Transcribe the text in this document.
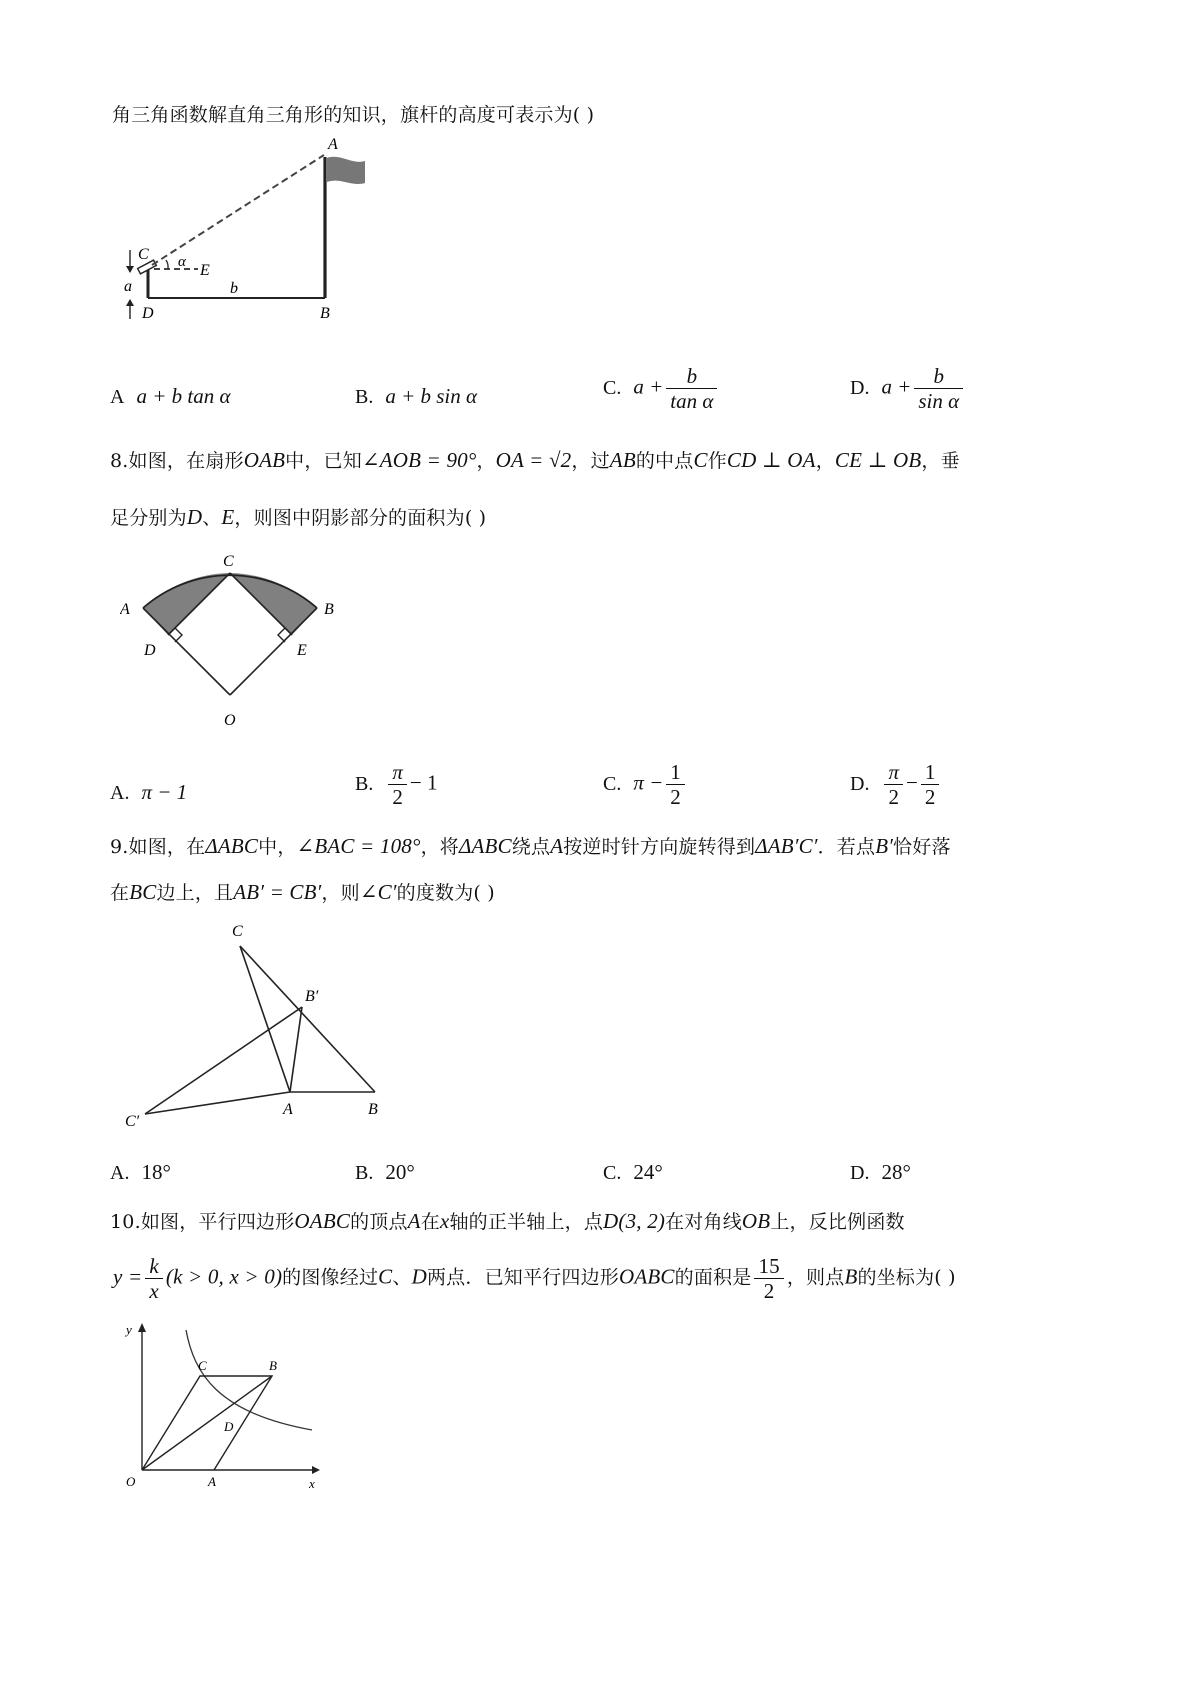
角三角函数解直角三角形的知识，旗杆的高度可表示为( )
A
C
E
α
a
D
b
B
A a + b tan α	B. a + b sin α	C. $a + \frac{b}{\text{tan α}}$	D. $a + \frac{b}{\text{sin α}}$
8.如图，在扇形OAB中，已知∠AOB = 90°，OA = √2，过AB的中点C作CD ⊥ OA，CE ⊥ OB，垂
足分别为D、E，则图中阴影部分的面积为( )
A	B
C
D	E
O
A. π − 1	B. $\frac{\pi}{2} - 1$	C. $\pi - \frac{1}{2}$	D. $\frac{\pi}{2} - \frac{1}{2}$
9.如图，在ΔABC中，∠BAC = 108°，将ΔABC绕点A按逆时针方向旋转得到ΔAB′C′．若点B′恰好落
在BC边上，且AB′ = CB′，则∠C′的度数为( )
C
B′
C′
A	B
A. 18°	B. 20°	C. 24°	D. 28°
10.如图，平行四边形OABC的顶点A在x轴的正半轴上，点D(3, 2)在对角线OB上，反比例函数
$y = \frac{k}{x} (k > 0$, x > 0)的图像经过C、D两点．已知平行四边形OABC的面积是 $\frac{15}{2}$ ，则点B的坐标为( )
y
C	B
D
O	A	x
